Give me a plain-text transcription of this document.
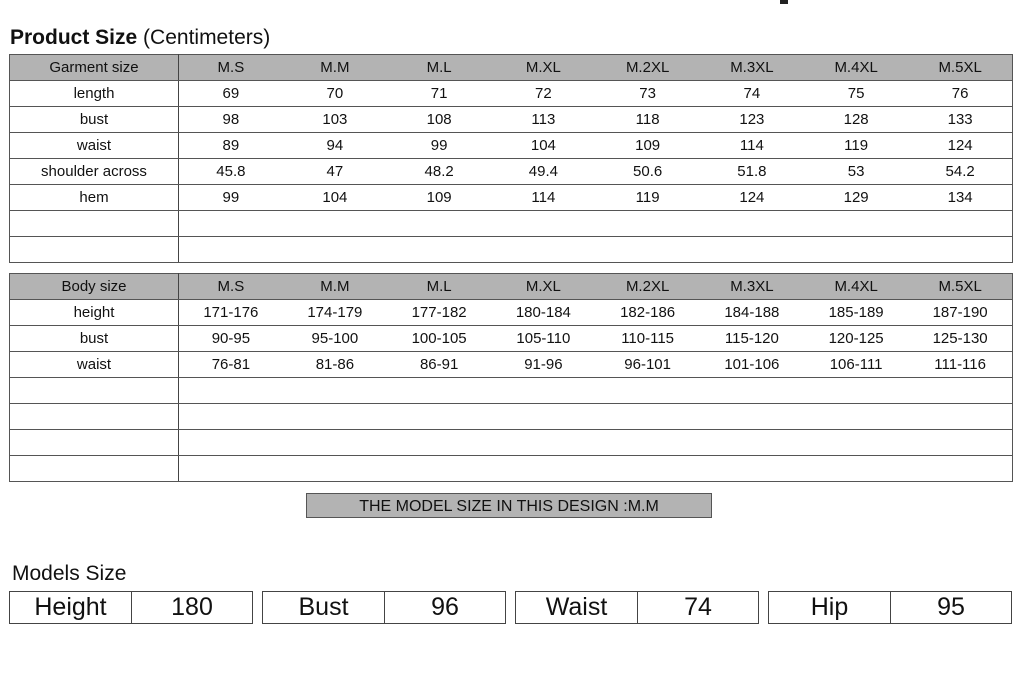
Product Size (Centimeters)
Garment size	M.S	M.M	M.L	M.XL	M.2XL	M.3XL	M.4XL	M.5XL
length	69	70	71	72	73	74	75	76
bust	98	103	108	113	118	123	128	133
waist	89	94	99	104	109	114	119	124
shoulder across	45.8	47	48.2	49.4	50.6	51.8	53	54.2
hem	99	104	109	114	119	124	129	134

Body size	M.S	M.M	M.L	M.XL	M.2XL	M.3XL	M.4XL	M.5XL
height	171-176	174-179	177-182	180-184	182-186	184-188	185-189	187-190
bust	90-95	95-100	100-105	105-110	110-115	115-120	120-125	125-130
waist	76-81	81-86	86-91	91-96	96-101	101-106	106-111	111-116

THE MODEL SIZE IN THIS DESIGN :M.M
Models Size
Height	180	Bust	96	Waist	74	Hip	95
